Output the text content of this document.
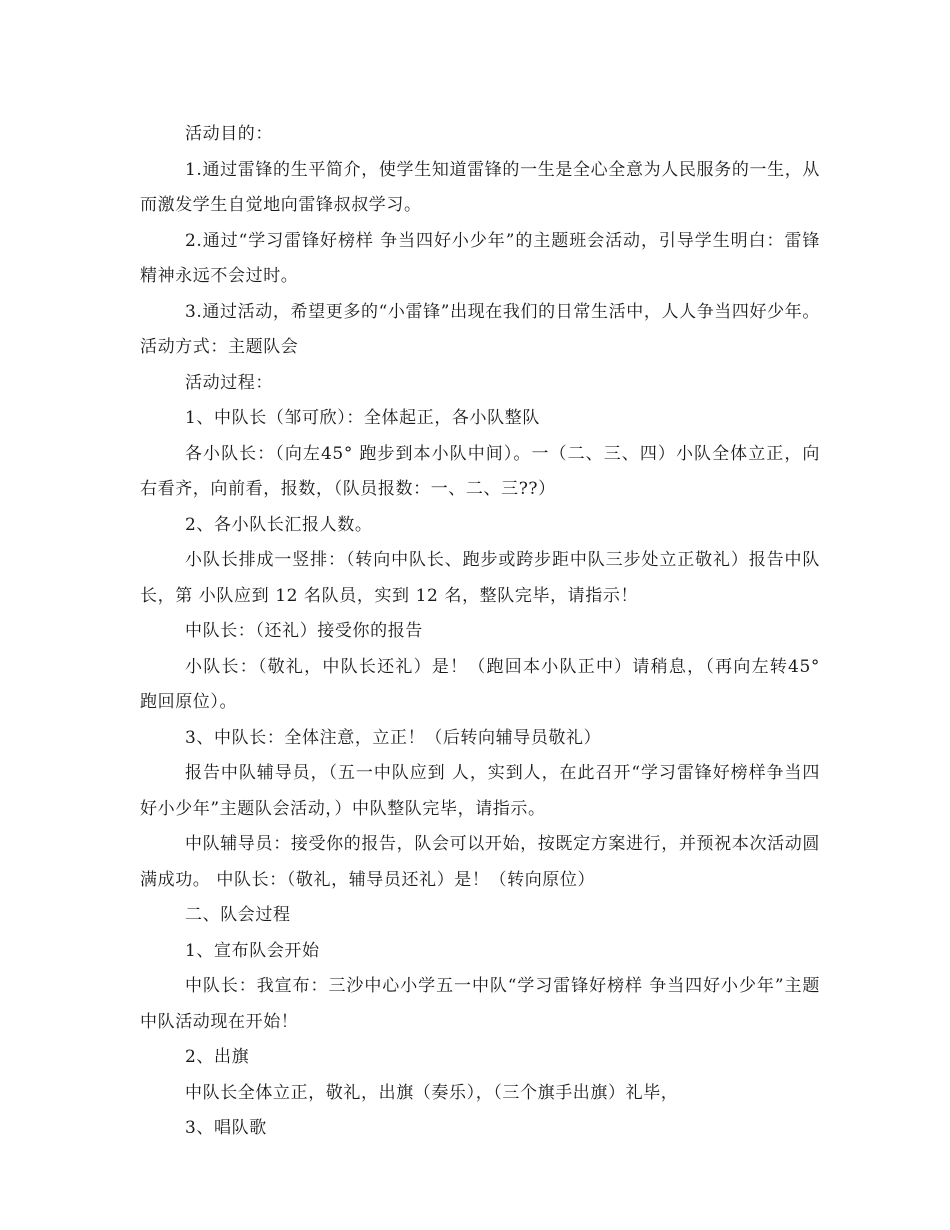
活动目的：

1.通过雷锋的生平简介，使学生知道雷锋的一生是全心全意为人民服务的一生，从而激发学生自觉地向雷锋叔叔学习。

2.通过“学习雷锋好榜样 争当四好小少年”的主题班会活动，引导学生明白：雷锋精神永远不会过时。

3.通过活动，希望更多的“小雷锋”出现在我们的日常生活中，人人争当四好少年。 活动方式：主题队会

活动过程：

1、中队长（邹可欣）：全体起正，各小队整队

各小队长：（向左45° 跑步到本小队中间）。一（二、三、四）小队全体立正，向右看齐，向前看，报数，（队员报数：一、二、三??）

2、各小队长汇报人数。

小队长排成一竖排：（转向中队长、跑步或跨步距中队三步处立正敬礼）报告中队长，第 小队应到 12 名队员，实到 12 名，整队完毕，请指示！

中队长：（还礼）接受你的报告

小队长：（敬礼，中队长还礼）是！（跑回本小队正中）请稍息，（再向左转45° 跑回原位）。

3、中队长：全体注意，立正！（后转向辅导员敬礼）

报告中队辅导员，（五一中队应到 人，实到人，在此召开“学习雷锋好榜样争当四好小少年”主题队会活动，）中队整队完毕，请指示。

中队辅导员：接受你的报告，队会可以开始，按既定方案进行，并预祝本次活动圆满成功。 中队长：（敬礼，辅导员还礼）是！（转向原位）

二、队会过程

1、宣布队会开始

中队长：我宣布：三沙中心小学五一中队“学习雷锋好榜样 争当四好小少年”主题中队活动现在开始！

2、出旗

中队长全体立正，敬礼，出旗（奏乐），（三个旗手出旗）礼毕，

3、唱队歌
